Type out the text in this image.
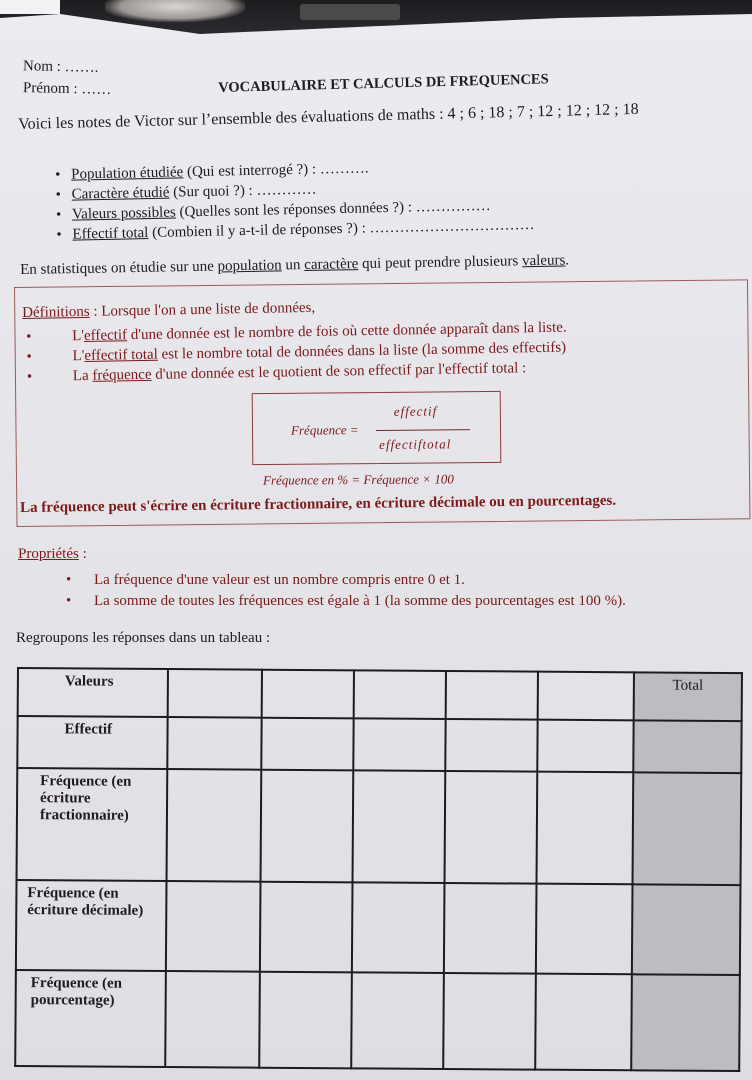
Nom : …….
Prénom : ……	VOCABULAIRE ET CALCULS DE FREQUENCES
Voici les notes de Victor sur l’ensemble des évaluations de maths : 4 ; 6 ; 18 ; 7 ; 12 ; 12 ; 12 ; 18
• Population étudiée (Qui est interrogé ?) : ……….
• Caractère étudié (Sur quoi ?) : …………
• Valeurs possibles (Quelles sont les réponses données ?) : ……………
• Effectif total (Combien il y a-t-il de réponses ?) : ……………………………
En statistiques on étudie sur une population un caractère qui peut prendre plusieurs valeurs.
Définitions : Lorsque l'on a une liste de données,
•	L'effectif d'une donnée est le nombre de fois où cette donnée apparaît dans la liste.
•	L'effectif total est le nombre total de données dans la liste (la somme des effectifs)
•	La fréquence d'une donnée est le quotient de son effectif par l'effectif total :
Fréquence =
effectif
effectiftotal
Fréquence en % = Fréquence × 100
La fréquence peut s'écrire en écriture fractionnaire, en écriture décimale ou en pourcentages.
Propriétés :
• La fréquence d'une valeur est un nombre compris entre 0 et 1.
• La somme de toutes les fréquences est égale à 1 (la somme des pourcentages est 100 %).
Regroupons les réponses dans un tableau :
Valeurs						Total
Effectif						
Fréquence (en écriture fractionnaire)						
Fréquence (en écriture décimale)						
Fréquence (en pourcentage)						
